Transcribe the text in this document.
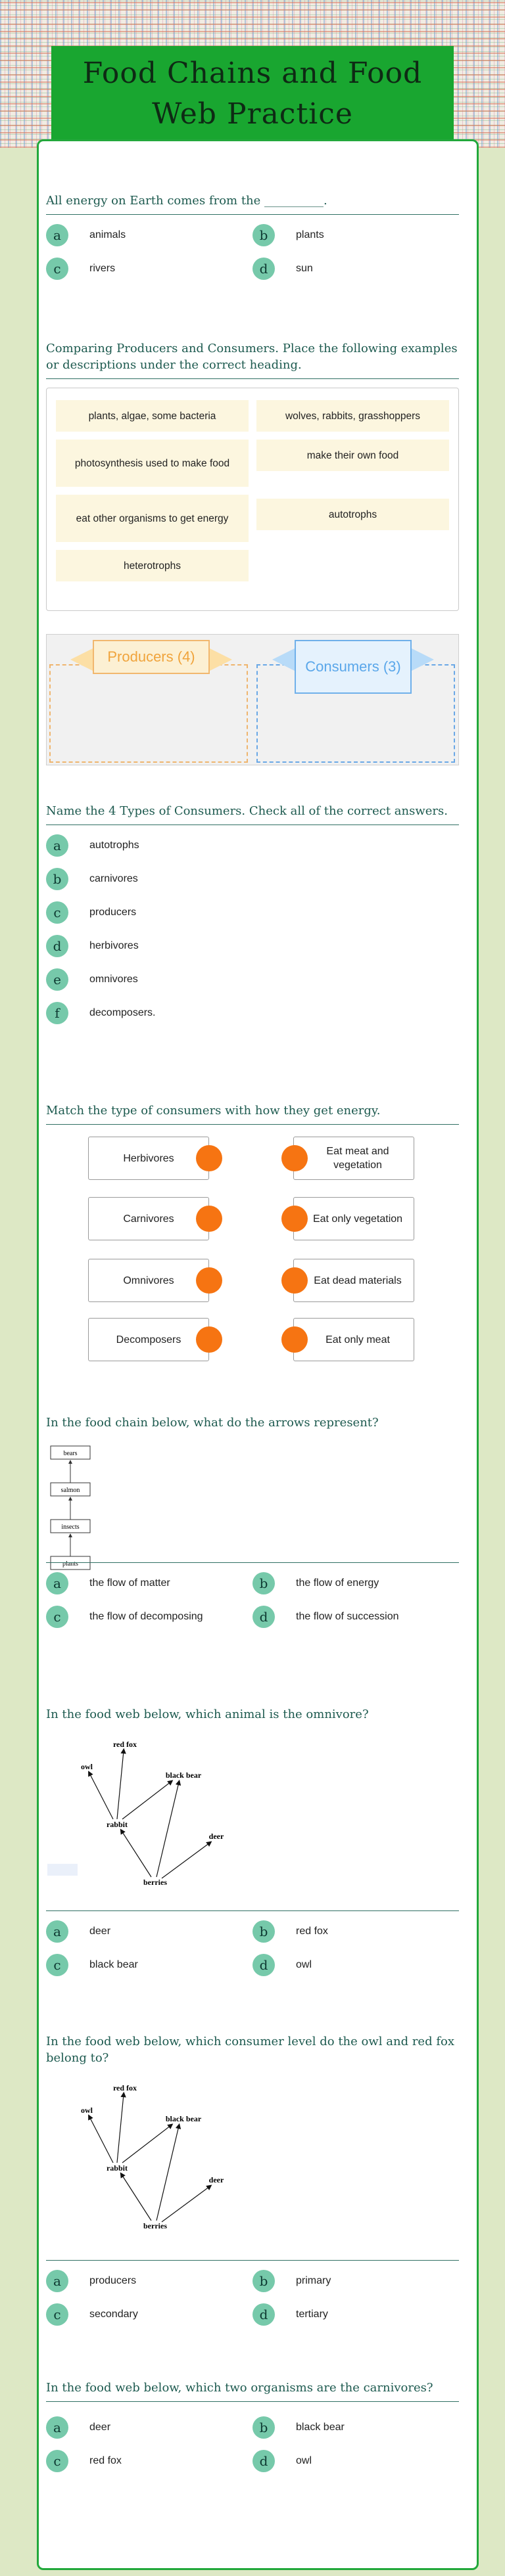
Food Chains and Food Web Practice
All energy on Earth comes from the __________.
a	animals	b	plants
c	rivers	d	sun
Comparing Producers and Consumers. Place the following examples or descriptions under the correct heading.
plants, algae, some bacteria	wolves, rabbits, grasshoppers
photosynthesis used to make food
make their own food
eat other organisms to get energy	autotrophs
heterotrophs
Producers (4)
Consumers (3)
Name the 4 Types of Consumers. Check all of the correct answers.
a	autotrophs
b	carnivores
c	producers
d	herbivores
e	omnivores
f	decomposers.
Match the type of consumers with how they get energy.
Herbivores
Carnivores
Omnivores
Decomposers
Eat meat and vegetation
Eat only vegetation
Eat dead materials
Eat only meat
In the food chain below, what do the arrows represent?
bears
salmon
insects
plants
a	the flow of matter	b	the flow of energy
c	the flow of decomposing	d	the flow of succession
In the food web below, which animal is the omnivore?
red fox
owl
black bear
rabbit
deer
berries
a	deer	b	red fox
c	black bear	d	owl
In the food web below, which consumer level do the owl and red fox belong to?
red fox
owl
black bear
rabbit
deer
berries
a	producers	b	primary
c	secondary	d	tertiary
In the food web below, which two organisms are the carnivores?
a	deer	b	black bear
c	red fox	d	owl
